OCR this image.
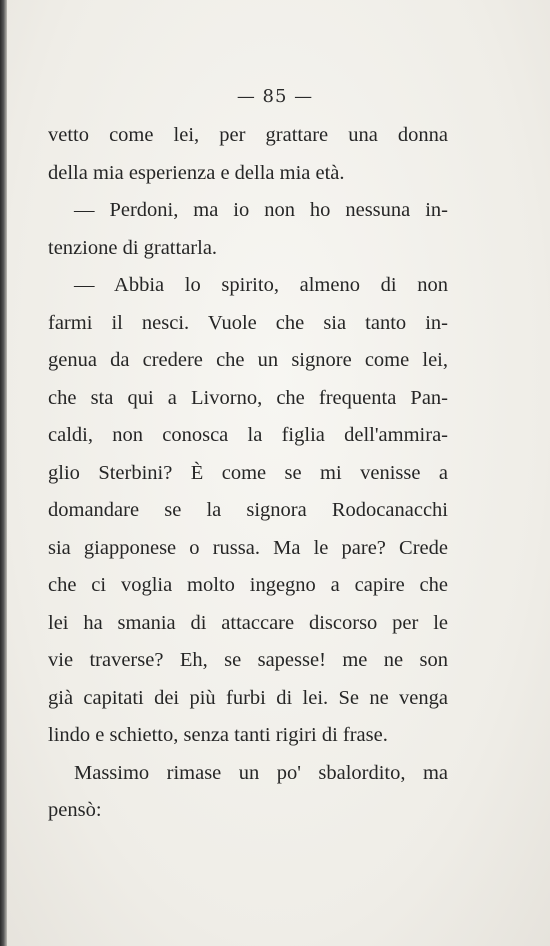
— 85 —
vetto come lei, per grattare una donna
della mia esperienza e della mia età.
— Perdoni, ma io non ho nessuna in-
tenzione di grattarla.
— Abbia lo spirito, almeno di non
farmi il nesci. Vuole che sia tanto in-
genua da credere che un signore come lei,
che sta qui a Livorno, che frequenta Pan-
caldi, non conosca la figlia dell'ammira-
glio Sterbini? È come se mi venisse a
domandare se la signora Rodocanacchi
sia giapponese o russa. Ma le pare? Crede
che ci voglia molto ingegno a capire che
lei ha smania di attaccare discorso per le
vie traverse? Eh, se sapesse! me ne son
già capitati dei più furbi di lei. Se ne venga
lindo e schietto, senza tanti rigiri di frase.
Massimo rimase un po' sbalordito, ma
pensò:
